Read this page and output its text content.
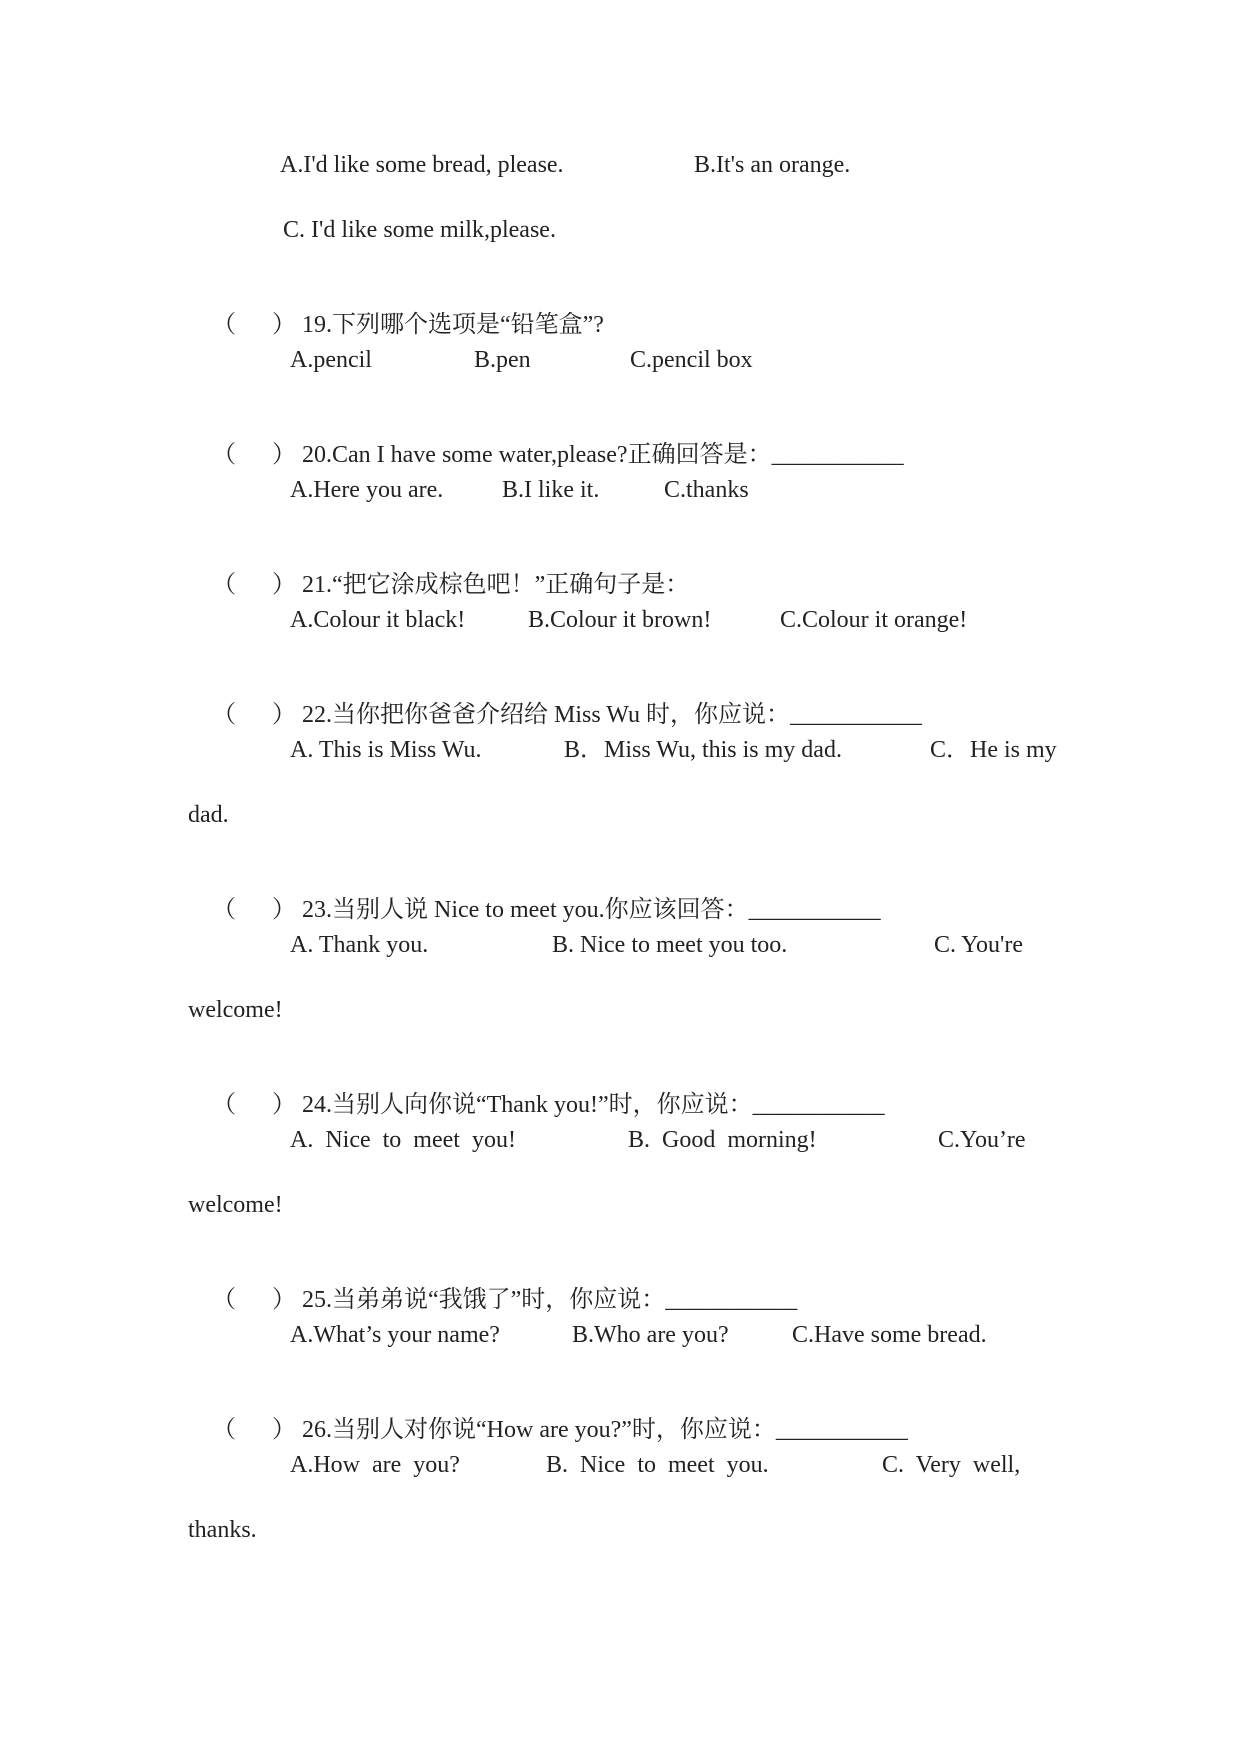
A.I'd like some bread, please.	B.It's an orange.
C. I'd like some milk,please.

（      ） 19.下列哪个选项是“铅笔盒”?

A.pencil	B.pen	C.pencil box

（      ） 20.Can I have some water,please?正确回答是：___________

A.Here you are. B.I like it.	C.thanks

（      ） 21.“把它涂成棕色吧！”正确句子是：

A.Colour it black!	B.Colour it brown!	C.Colour it orange!

（      ） 22.当你把你爸爸介绍给 Miss Wu 时，你应说：___________

A. This is Miss Wu.	B．Miss Wu, this is my dad.	C．He is my
dad.

（      ） 23.当别人说 Nice to meet you.你应该回答：___________

A. Thank you.	B. Nice to meet you too.	C. You're
welcome!

（      ） 24.当别人向你说“Thank you!”时，你应说：___________

A.  Nice  to  meet  you!	B.  Good  morning!	C.You’re
welcome!

（      ） 25.当弟弟说“我饿了”时，你应说：___________

A.What’s your name?	B.Who are you?	C.Have some bread.

（      ） 26.当别人对你说“How are you?”时，你应说：___________

A.How  are  you?	B.  Nice  to  meet  you.	C.  Very  well,
thanks.
